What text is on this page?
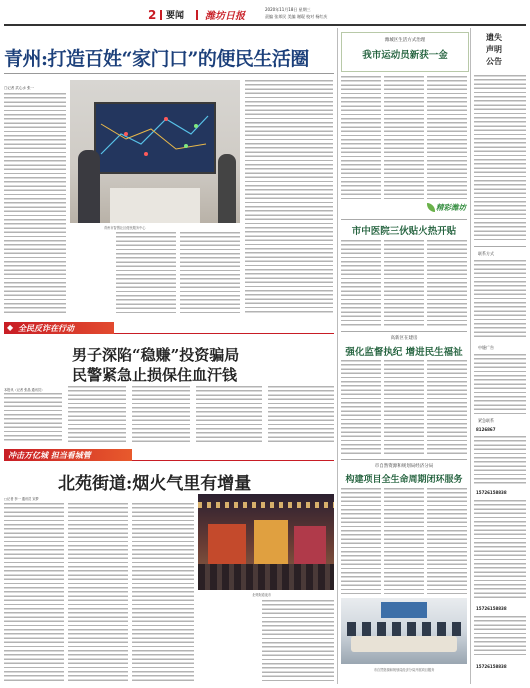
2 要闻 潍坊日报
2020年11月18日 星期三
责编 张邦民 美编 谢琨 校对 杨红庆
青州:打造百姓“家门口”的便民生活圈
□记者 武心水 张一
青州市智慧社区便民服务中心
◆ 全民反诈在行动
男子深陷“稳赚”投资骗局
民警紧急止损保住血汗钱
本报讯（记者 张晶 通讯员）
冲击万亿城 担当看城管
北苑街道:烟火气里有增量
□记者 李一 通讯员 宋梦
北苑街道夜市
潍城区生活方式治理
我市运动员新获一金
精彩潍坊
市中医院三伙贴火热开贴
高新区在建房
强化监督执纪 增进民生福祉
市自然资源和规划局经济分局
构建项目全生命周期闭环服务
市自然资源和规划局经济分局开展项目服务
遗失
声明
公告
联系方式
中缝广告
紧急联系
8126867
15726158838
15726158838
15726158838
